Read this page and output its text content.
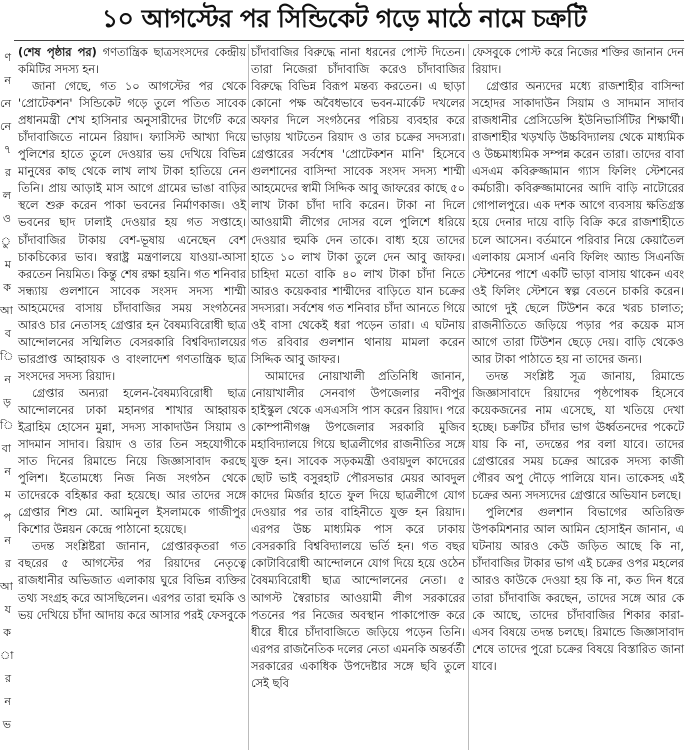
১০ আগস্টের পর সিন্ডিকেট গড়ে মাঠে নামে চক্রটি
ণ
ন
নে
নে
৭
র
ল
ও
ু
ম
ক
আ
ব
ি
ন
ড়
ি
বা
ন
ম
প
ন
র
আ
য
ক
া
র
ন
ভ

(শেষ পৃষ্ঠার পর) গণতান্ত্রিক ছাত্রসংসদের কেন্দ্রীয় কমিটির সদস্য হন।

জানা গেছে, গত ১০ আগস্টের পর থেকে 'প্রোটেকশন' সিন্ডিকেট গড়ে তুলে পতিত সাবেক প্রধানমন্ত্রী শেখ হাসিনার অনুসারীদের টার্গেট করে চাঁদাবাজিতে নামেন রিয়াদ। ফ্যাসিস্ট আখ্যা দিয়ে পুলিশের হাতে তুলে দেওয়ার ভয় দেখিয়ে বিভিন্ন মানুষের কাছ থেকে লাখ লাখ টাকা হাতিয়ে নেন তিনি। প্রায় আড়াই মাস আগে গ্রামের ভাঙা বাড়ির স্থলে শুরু করেন পাকা ভবনের নির্মাণকাজ। ওই ভবনের ছাদ ঢালাই দেওয়ার হয় গত সপ্তাহে। চাঁদাবাজির টাকায় বেশ-ভূষায় এনেছেন বেশ চাকচিক্যের ভাব। স্বরাষ্ট্র মন্ত্রণালয়ে যাওয়া-আসা করতেন নিয়মিত। কিন্তু শেষ রক্ষা হয়নি। গত শনিবার সন্ধ্যায় গুলশানে সাবেক সংসদ সদস্য শাম্মী আহমেদের বাসায় চাঁদাবাজির সময় সংগঠনের আরও চার নেতাসহ গ্রেপ্তার হন বৈষম্যবিরোধী ছাত্র আন্দোলনের সম্মিলিত বেসরকারি বিশ্ববিদ্যালয়ের ভারপ্রাপ্ত আহ্বায়ক ও বাংলাদেশ গণতান্ত্রিক ছাত্র সংসদের সদস্য রিয়াদ।

গ্রেপ্তার অন্যরা হলেন-বৈষম্যবিরোধী ছাত্র আন্দোলনের ঢাকা মহানগর শাখার আহ্বায়ক ইব্রাহিম হোসেন মুন্না, সদস্য সাকাদাউন সিয়াম ও সাদমান সাদাব। রিয়াদ ও তার তিন সহযোগীকে সাত দিনের রিমান্ডে নিয়ে জিজ্ঞাসাবাদ করছে পুলিশ। ইতোমধ্যে নিজ নিজ সংগঠন থেকে তাদেরকে বহিষ্কার করা হয়েছে। আর তাদের সঙ্গে গ্রেপ্তার শিশু মো. আমিনুল ইসলামকে গাজীপুর কিশোর উন্নয়ন কেন্দ্রে পাঠানো হয়েছে।

তদন্ত সংশ্লিষ্টরা জানান, গ্রেপ্তারকৃতরা গত বছরের ৫ আগস্টের পর রিয়াদের নেতৃত্বে রাজধানীর অভিজাত এলাকায় ঘুরে বিভিন্ন ব্যক্তির তথ্য সংগ্রহ করে আসছিলেন। এরপর তারা হুমকি ও ভয় দেখিয়ে চাঁদা আদায় করে আসার পরই ফেসবুকে

চাঁদাবাজির বিরুদ্ধে নানা ধরনের পোস্ট দিতেন। তারা নিজেরা চাঁদাবাজি করেও চাঁদাবাজির বিরুদ্ধে বিভিন্ন বিরূপ মন্তব্য করতেন। এ ছাড়া কোনো পক্ষ অবৈধভাবে ভবন-মার্কেট দখলের অফার দিলে সংগঠনের পরিচয় ব্যবহার করে ভাড়ায় খাটতেন রিয়াদ ও তার চক্রের সদস্যরা। গ্রেপ্তারের সর্বশেষ 'প্রোটেকশন মানি' হিসেবে গুলশানের বাসিন্দা সাবেক সংসদ সদস্য শাম্মী আহমেদের স্বামী সিদ্দিক আবু জাফরের কাছে ৫০ লাখ টাকা চাঁদা দাবি করেন। টাকা না দিলে আওয়ামী লীগের দোসর বলে পুলিশে ধরিয়ে দেওয়ার হুমকি দেন তাকে। বাধ্য হয়ে তাদের হাতে ১০ লাখ টাকা তুলে দেন আবু জাফর। চাহিদা মতো বাকি ৪০ লাখ টাকা চাঁদা নিতে আরও কয়েকবার শাম্মীদের বাড়িতে যান চক্রের সদস্যরা। সর্বশেষ গত শনিবার চাঁদা আনতে গিয়ে ওই বাসা থেকেই ধরা পড়েন তারা। এ ঘটনায় গত রবিবার গুলশান থানায় মামলা করেন সিদ্দিক আবু জাফর।

আমাদের নোয়াখালী প্রতিনিধি জানান, নোয়াখালীর সেনবাগ উপজেলার নবীপুর হাইস্কুল থেকে এসএসসি পাস করেন রিয়াদ। পরে কোম্পানীগঞ্জ উপজেলার সরকারি মুজিব মহাবিদ্যালয়ে গিয়ে ছাত্রলীগের রাজনীতির সঙ্গে যুক্ত হন। সাবেক সড়কমন্ত্রী ওবায়দুল কাদেরের ছোট ভাই বসুরহাট পৌরসভার মেয়র আবদুল কাদের মির্জার হাতে ফুল দিয়ে ছাত্রলীগে যোগ দেওয়ার পর তার বাহিনীতে যুক্ত হন রিয়াদ। এরপর উচ্চ মাধ্যমিক পাস করে ঢাকায় বেসরকারি বিশ্ববিদ্যালয়ে ভর্তি হন। গত বছর কোটাবিরোধী আন্দোলনে যোগ দিয়ে হয়ে ওঠেন বৈষম্যবিরোধী ছাত্র আন্দোলনের নেতা। ৫ আগস্ট স্বৈরাচার আওয়ামী লীগ সরকারের পতনের পর নিজের অবস্থান পাকাপোক্ত করে ধীরে ধীরে চাঁদাবাজিতে জড়িয়ে পড়েন তিনি। এরপর রাজনৈতিক দলের নেতা এমনকি অন্তর্বর্তী সরকারের একাধিক উপদেষ্টার সঙ্গে ছবি তুলে সেই ছবি

ফেসবুকে পোস্ট করে নিজের শক্তির জানান দেন রিয়াদ।

গ্রেপ্তার অন্যদের মধ্যে রাজশাহীর বাসিন্দা সহোদর সাকাদাউন সিয়াম ও সাদমান সাদাব রাজধানীর প্রেসিডেন্সি ইউনিভার্সিটির শিক্ষার্থী। রাজশাহীর খড়খড়ি উচ্চবিদ্যালয় থেকে মাধ্যমিক ও উচ্চমাধ্যমিক সম্পন্ন করেন তারা। তাদের বাবা এসএম কবিরুজ্জামান গ্যাস ফিলিং স্টেশনের কর্মচারী। কবিরুজ্জামানের আদি বাড়ি নাটোরের গোপালপুরে। এক দশক আগে ব্যবসায় ক্ষতিগ্রস্ত হয়ে দেনার দায়ে বাড়ি বিক্রি করে রাজশাহীতে চলে আসেন। বর্তমানে পরিবার নিয়ে কেয়াতৈল এলাকায় মেসার্স এনবি ফিলিং অ্যান্ড সিএনজি স্টেশনের পাশে একটি ভাড়া বাসায় থাকেন এবং ওই ফিলিং স্টেশনে স্বল্প বেতনে চাকরি করেন। আগে দুই ছেলে টিউশন করে খরচ চালাত; রাজনীতিতে জড়িয়ে পড়ার পর কয়েক মাস আগে তারা টিউশন ছেড়ে দেয়। বাড়ি থেকেও আর টাকা পাঠাতে হয় না তাদের জন্য।

তদন্ত সংশ্লিষ্ট সূত্র জানায়, রিমান্ডে জিজ্ঞাসাবাদে রিয়াদের পৃষ্ঠপোষক হিসেবে কয়েকজনের নাম এসেছে, যা খতিয়ে দেখা হচ্ছে। চক্রটির চাঁদার ভাগ ঊর্ধ্বতনদের পকেটে যায় কি না, তদন্তের পর বলা যাবে। তাদের গ্রেপ্তারের সময় চক্রের আরেক সদস্য কাজী গৌরব অপু দৌড়ে পালিয়ে যান। তাকেসহ এই চক্রের অন্য সদস্যদের গ্রেপ্তারে অভিযান চলছে।

পুলিশের গুলশান বিভাগের অতিরিক্ত উপকমিশনার আল আমিন হোসাইন জানান, এ ঘটনায় আরও কেউ জড়িত আছে কি না, চাঁদাবাজির টাকার ভাগ এই চক্রের ওপর মহলের আরও কাউকে দেওয়া হয় কি না, কত দিন ধরে তারা চাঁদাবাজি করছেন, তাদের সঙ্গে আর কে কে আছে, তাদের চাঁদাবাজির শিকার কারা- এসব বিষয়ে তদন্ত চলছে। রিমান্ডে জিজ্ঞাসাবাদ শেষে তাদের পুরো চক্রের বিষয়ে বিস্তারিত জানা যাবে।
